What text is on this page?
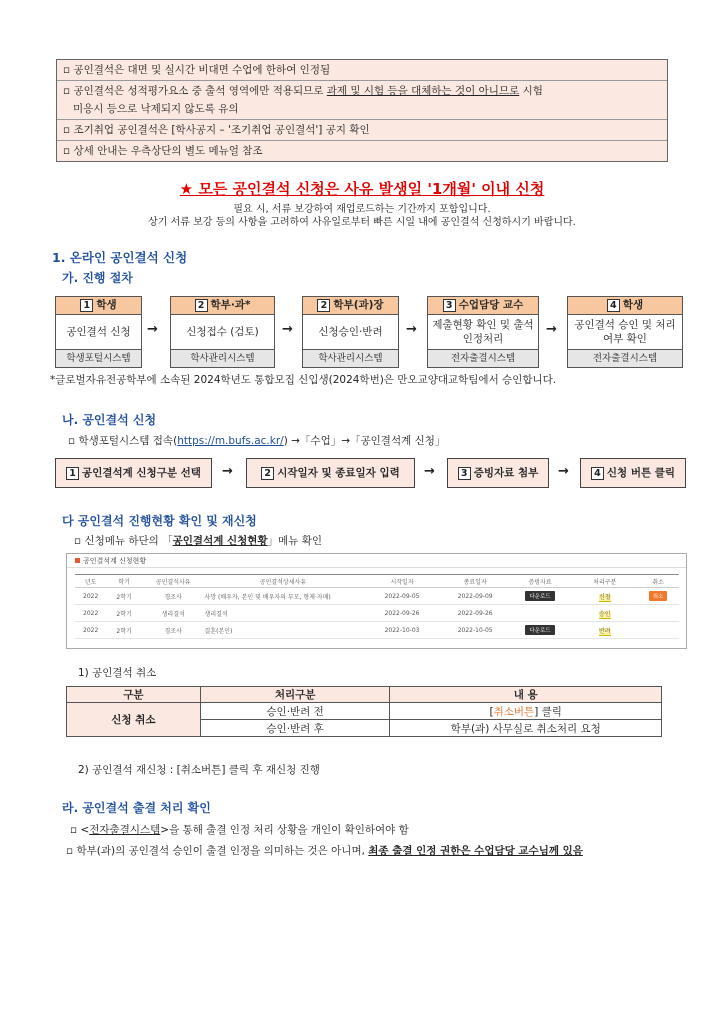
▫ 공인결석은 대면 및 실시간 비대면 수업에 한하여 인정됨
▫ 공인결석은 성적평가요소 중 출석 영역에만 적용되므로 과제 및 시험 등을 대체하는 것이 아니므로 시험
미응시 등으로 낙제되지 않도록 유의
▫ 조기취업 공인결석은 [학사공지 – '조기취업 공인결석'] 공지 확인
▫ 상세 안내는 우측상단의 별도 메뉴얼 참조
★ 모든 공인결석 신청은 사유 발생일 '1개월' 이내 신청
필요 시, 서류 보강하여 재업로드하는 기간까지 포함입니다.
상기 서류 보강 등의 사항을 고려하여 사유일로부터 빠른 시일 내에 공인결석 신청하시기 바랍니다.
1. 온라인 공인결석 신청
가. 진행 절차
1 학생
공인결석 신청
학생포털시스템
→
2 학부·과*
신청접수 (검토)
학사관리시스템
→
2 학부(과)장
신청승인·반려
학사관리시스템
→
3 수업담당 교수
제출현황 확인 및 출석인정처리
전자출결시스템
→
4 학생
공인결석 승인 및 처리여부 확인
전자출결시스템
*글로벌자유전공학부에 소속된 2024학년도 통합모집 신입생(2024학번)은 만오교양대교학팀에서 승인합니다.
나. 공인결석 신청
▫ 학생포털시스템 접속(https://m.bufs.ac.kr/) →「수업」→「공인결석계 신청」
1 공인결석계 신청구분 선택	→	2 시작일자 및 종료일자 입력	→	3 증빙자료 첨부	→	4 신청 버튼 클릭
다 공인결석 진행현황 확인 및 재신청
▫ 신청메뉴 하단의 「공인결석계 신청현황」메뉴 확인
공인결석계 신청현황
년도	학기	공인결석사유	공인결석상세사유	시작일자	종료일자	증빙자료	처리구분	취소
2022	2학기	경조사	사망 (배우자, 본인 및 배우자의 부모, 형제·자매)	2022-09-05	2022-09-09	다운로드	신청	취소
2022	2학기	생리결석	생리결석	2022-09-26	2022-09-26		승인	
2022	2학기	경조사	결혼(본인)	2022-10-03	2022-10-05	다운로드	반려	
1) 공인결석 취소
구분	처리구분	내 용
신청 취소	승인·반려 전	[취소버튼] 클릭
	승인·반려 후	학부(과) 사무실로 취소처리 요청
2) 공인결석 재신청 : [취소버튼] 클릭 후 재신청 진행
라. 공인결석 출결 처리 확인
▫ <전자출결시스템>을 통해 출결 인정 처리 상황을 개인이 확인하여야 함
▫ 학부(과)의 공인결석 승인이 출결 인정을 의미하는 것은 아니며, 최종 출결 인정 권한은 수업담당 교수님께 있음
